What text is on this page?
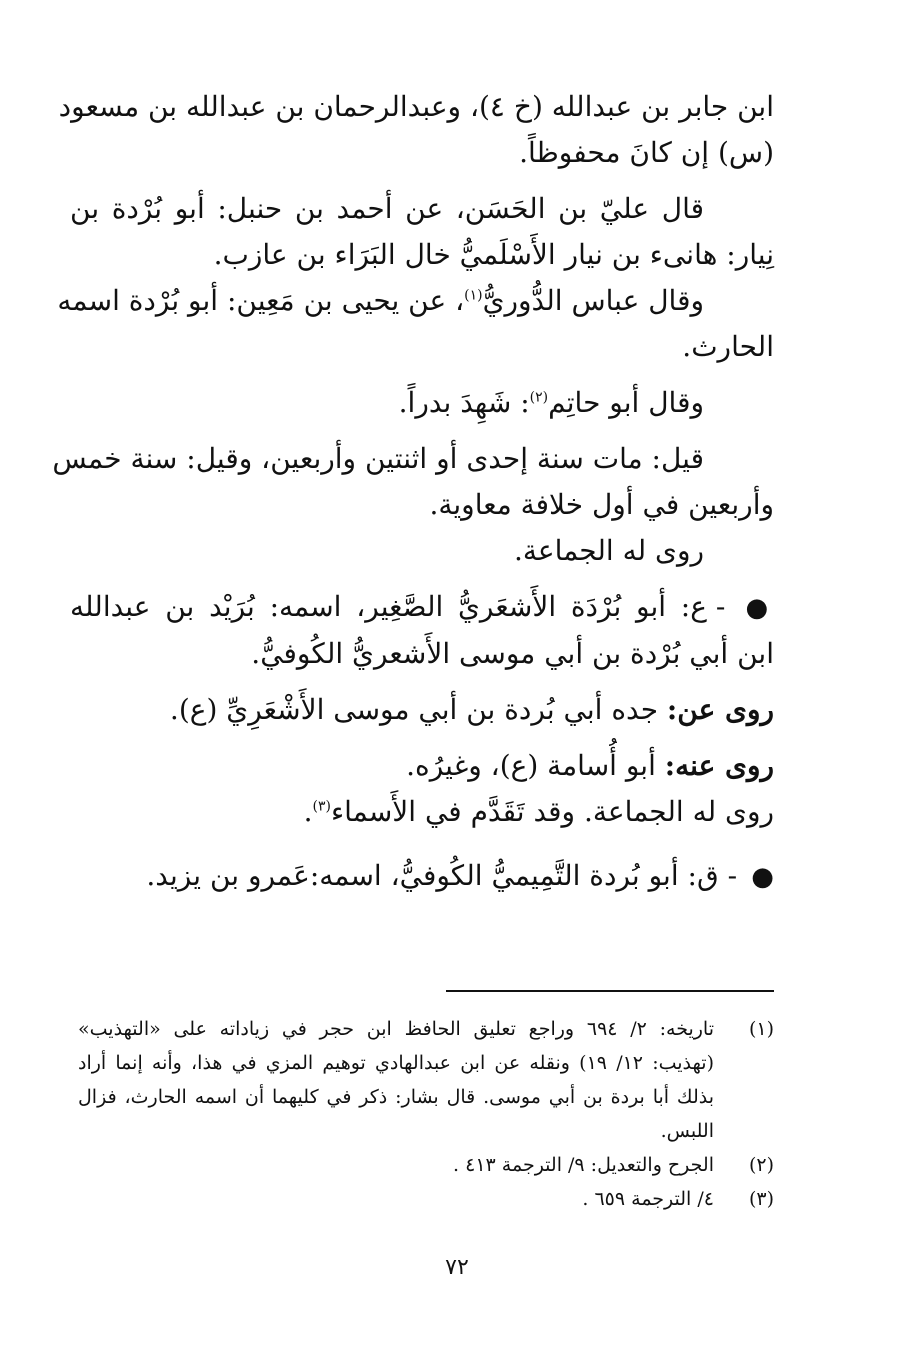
ابن جابر بن عبدالله (خ ٤)، وعبدالرحمان بن عبدالله بن مسعود
(س) إن كانَ محفوظاً.
قال عليّ بن الحَسَن، عن أحمد بن حنبل: أبو بُرْدة بن
نِيار: هانىء بن نيار الأَسْلَميُّ خال البَرَاء بن عازب.
وقال عباس الدُّوريُّ$^{(١)}$، عن يحيى بن مَعِين: أبو بُرْدة اسمه
الحارث.
وقال أبو حاتِم$^{(٢)}$: شَهِدَ بدراً.
قيل: مات سنة إحدى أو اثنتين وأربعين، وقيل: سنة خمس
وأربعين في أول خلافة معاوية.
روى له الجماعة.
● - ع: أبو بُرْدَة الأَشعَريُّ الصَّغِير، اسمه: بُرَيْد بن عبدالله
ابن أبي بُرْدة بن أبي موسى الأَشعريُّ الكُوفيُّ.
روى عن: جده أبي بُردة بن أبي موسى الأَشْعَرِيِّ (ع).
روى عنه: أبو أُسامة (ع)، وغيرُه.
روى له الجماعة. وقد تَقَدَّم في الأَسماء$^{(٣)}$.
● - ق: أبو بُردة التَّمِيميُّ الكُوفيُّ، اسمه:عَمرو بن يزيد.
(١)تاريخه: ٢/ ٦٩٤ وراجع تعليق الحافظ ابن حجر في زياداته على «التهذيب»
(تهذيب: ١٢/ ١٩) ونقله عن ابن عبدالهادي توهيم المزي في هذا، وأنه إنما أراد
بذلك أبا بردة بن أبي موسى. قال بشار: ذكر في كليهما أن اسمه الحارث، فزال
اللبس.
(٢)الجرح والتعديل: ٩/ الترجمة ٤١٣ .
(٣)٤/ الترجمة ٦٥٩ .
٧٢
